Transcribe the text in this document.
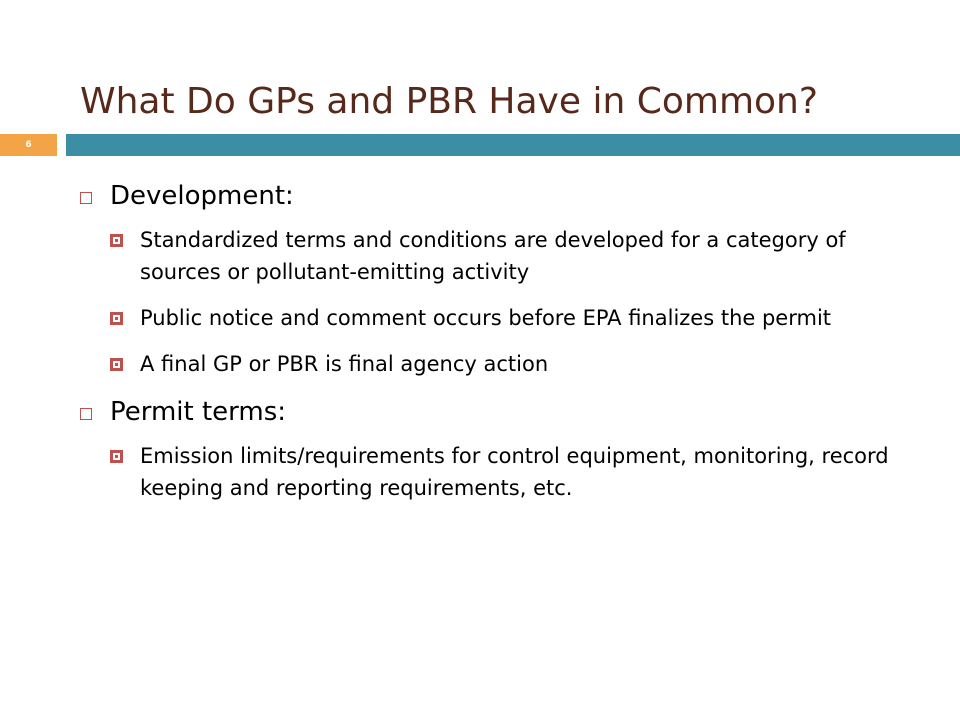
What Do GPs and PBR Have in Common?
6
Development:
Standardized terms and conditions are developed for a category of sources or pollutant-emitting activity
Public notice and comment occurs before EPA finalizes the permit
A final GP or PBR is final agency action
Permit terms:
Emission limits/requirements for control equipment, monitoring, record keeping and reporting requirements, etc.
